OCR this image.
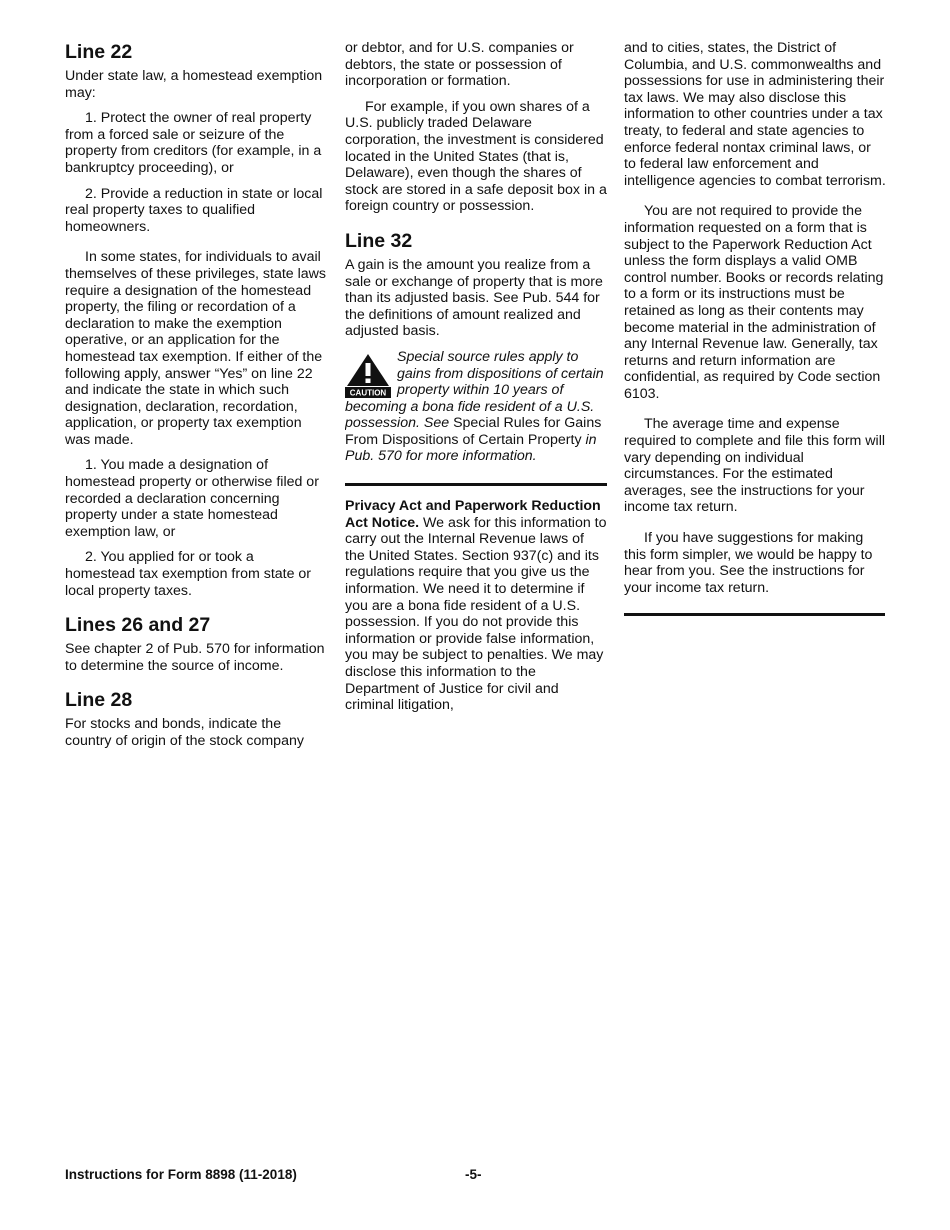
Line 22

Under state law, a homestead exemption may:

1. Protect the owner of real property from a forced sale or seizure of the property from creditors (for example, in a bankruptcy proceeding), or

2. Provide a reduction in state or local real property taxes to qualified homeowners.

In some states, for individuals to avail themselves of these privileges, state laws require a designation of the homestead property, the filing or recordation of a declaration to make the exemption operative, or an application for the homestead tax exemption. If either of the following apply, answer “Yes” on line 22 and indicate the state in which such designation, declaration, recordation, application, or property tax exemption was made.

1. You made a designation of homestead property or otherwise filed or recorded a declaration concerning property under a state homestead exemption law, or

2. You applied for or took a homestead tax exemption from state or local property taxes.

Lines 26 and 27

See chapter 2 of Pub. 570 for information to determine the source of income.

Line 28

For stocks and bonds, indicate the country of origin of the stock company

or debtor, and for U.S. companies or debtors, the state or possession of incorporation or formation.

For example, if you own shares of a U.S. publicly traded Delaware corporation, the investment is considered located in the United States (that is, Delaware), even though the shares of stock are stored in a safe deposit box in a foreign country or possession.

Line 32

A gain is the amount you realize from a sale or exchange of property that is more than its adjusted basis. See Pub. 544 for the definitions of amount realized and adjusted basis.

CAUTION
Special source rules apply to gains from dispositions of certain property within 10 years of becoming a bona fide resident of a U.S. possession. See Special Rules for Gains From Dispositions of Certain Property in Pub. 570 for more information.

Privacy Act and Paperwork Reduction Act Notice. We ask for this information to carry out the Internal Revenue laws of the United States. Section 937(c) and its regulations require that you give us the information. We need it to determine if you are a bona fide resident of a U.S. possession. If you do not provide this information or provide false information, you may be subject to penalties. We may disclose this information to the Department of Justice for civil and criminal litigation,

and to cities, states, the District of Columbia, and U.S. commonwealths and possessions for use in administering their tax laws. We may also disclose this information to other countries under a tax treaty, to federal and state agencies to enforce federal nontax criminal laws, or to federal law enforcement and intelligence agencies to combat terrorism.

You are not required to provide the information requested on a form that is subject to the Paperwork Reduction Act unless the form displays a valid OMB control number. Books or records relating to a form or its instructions must be retained as long as their contents may become material in the administration of any Internal Revenue law. Generally, tax returns and return information are confidential, as required by Code section 6103.

The average time and expense required to complete and file this form will vary depending on individual circumstances. For the estimated averages, see the instructions for your income tax return.

If you have suggestions for making this form simpler, we would be happy to hear from you. See the instructions for your income tax return.

Instructions for Form 8898 (11-2018)	-5-
